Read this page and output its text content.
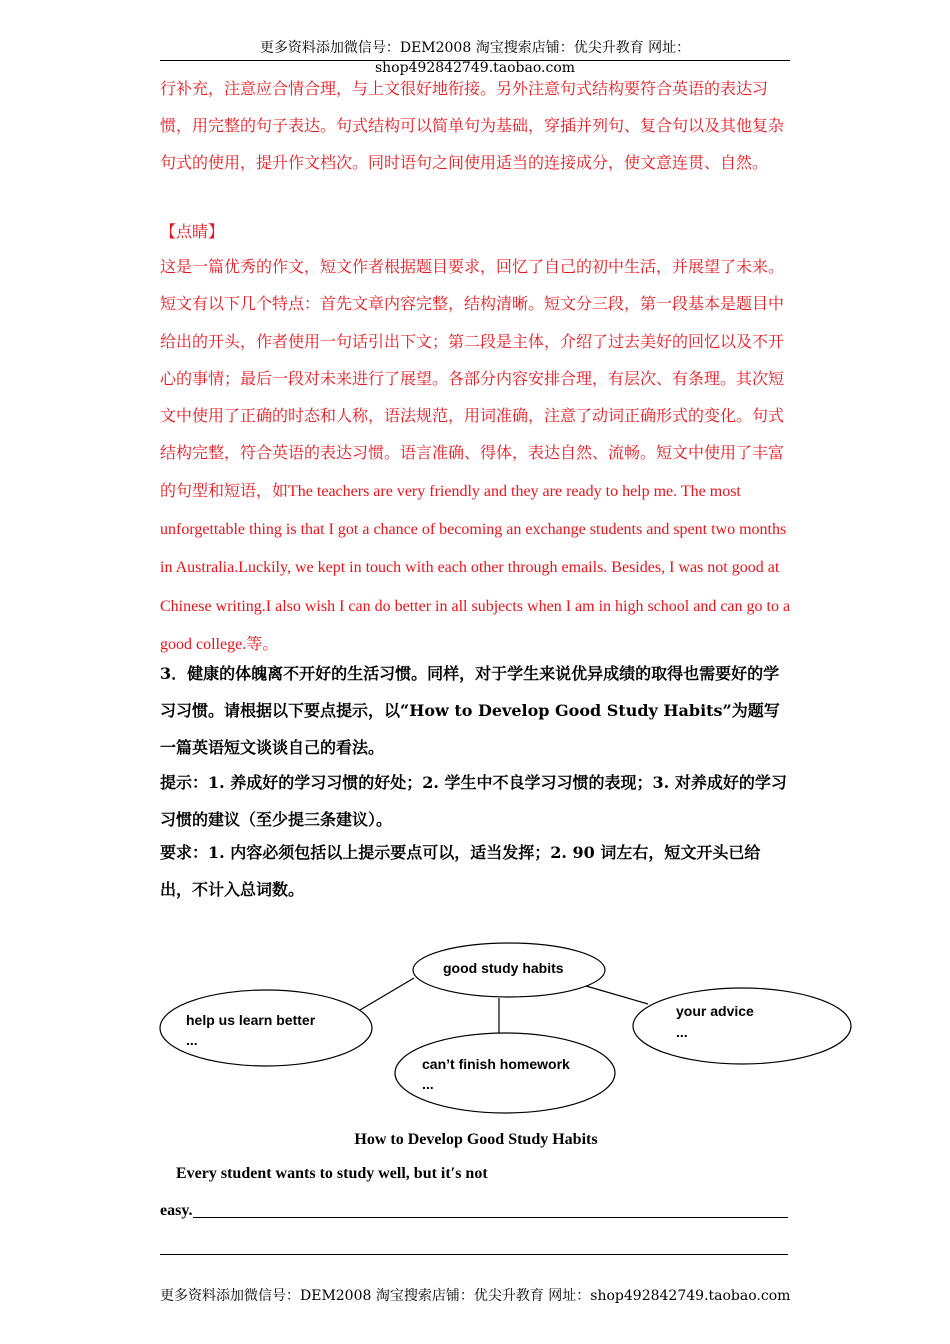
更多资料添加微信号：DEM2008 淘宝搜索店铺：优尖升教育 网址：shop492842749.taobao.com
行补充，注意应合情合理，与上文很好地衔接。另外注意句式结构要符合英语的表达习惯，用完整的句子表达。句式结构可以简单句为基础，穿插并列句、复合句以及其他复杂句式的使用，提升作文档次。同时语句之间使用适当的连接成分，使文意连贯、自然。
【点睛】
这是一篇优秀的作文，短文作者根据题目要求，回忆了自己的初中生活，并展望了未来。短文有以下几个特点：首先文章内容完整，结构清晰。短文分三段，第一段基本是题目中给出的开头，作者使用一句话引出下文；第二段是主体，介绍了过去美好的回忆以及不开心的事情；最后一段对未来进行了展望。各部分内容安排合理，有层次、有条理。其次短文中使用了正确的时态和人称，语法规范，用词准确，注意了动词正确形式的变化。句式结构完整，符合英语的表达习惯。语言准确、得体，表达自然、流畅。短文中使用了丰富的句型和短语，如The teachers are very friendly and they are ready to help me. The most unforgettable thing is that I got a chance of becoming an exchange students and spent two months in Australia.Luckily, we kept in touch with each other through emails. Besides, I was not good at Chinese writing.I also wish I can do better in all subjects when I am in high school and can go to a good college.等。
3．健康的体魄离不开好的生活习惯。同样，对于学生来说优异成绩的取得也需要好的学习习惯。请根据以下要点提示，以“How to Develop Good Study Habits”为题写一篇英语短文谈谈自己的看法。
提示：1. 养成好的学习习惯的好处；2. 学生中不良学习习惯的表现；3. 对养成好的学习习惯的建议（至少提三条建议）。
要求：1. 内容必须包括以上提示要点可以，适当发挥；2. 90 词左右，短文开头已给出，不计入总词数。
good study habits
help us learn better
...
can’t finish homework
...
your advice
...
How to Develop Good Study Habits
Every student wants to study well, but it′s not
easy.
更多资料添加微信号：DEM2008 淘宝搜索店铺：优尖升教育 网址：shop492842749.taobao.com
